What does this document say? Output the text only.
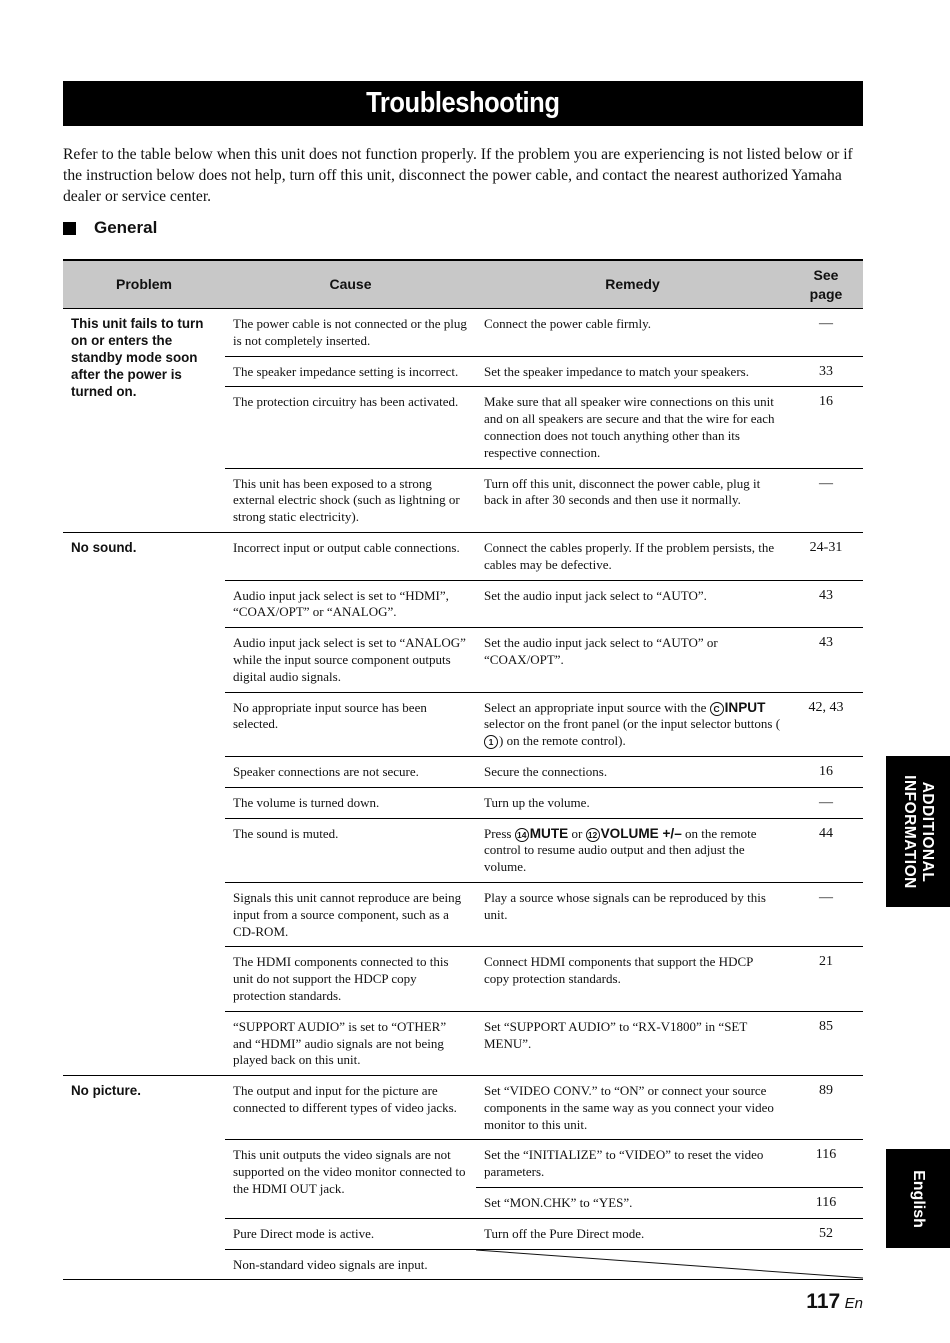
Troubleshooting

Refer to the table below when this unit does not function properly. If the problem you are experiencing is not listed below or if the instruction below does not help, turn off this unit, disconnect the power cable, and contact the nearest authorized Yamaha dealer or service center.

General
Problem	Cause	Remedy	See
page
This unit fails to turn on or enters the standby mode soon after the power is turned on.	The power cable is not connected or the plug is not completely inserted.	Connect the power cable firmly.	—
	The speaker impedance setting is incorrect.	Set the speaker impedance to match your speakers.	33
	The protection circuitry has been activated.	Make sure that all speaker wire connections on this unit and on all speakers are secure and that the wire for each connection does not touch anything other than its respective connection.	16
	This unit has been exposed to a strong external electric shock (such as lightning or strong static electricity).	Turn off this unit, disconnect the power cable, plug it back in after 30 seconds and then use it normally.	—
No sound.	Incorrect input or output cable connections.	Connect the cables properly. If the problem persists, the cables may be defective.	24-31
	Audio input jack select is set to “HDMI”, “COAX/OPT” or “ANALOG”.	Set the audio input jack select to “AUTO”.	43
	Audio input jack select is set to “ANALOG” while the input source component outputs digital audio signals.	Set the audio input jack select to “AUTO” or “COAX/OPT”.	43
	No appropriate input source has been selected.	Select an appropriate input source with the C INPUT selector on the front panel (or the input selector buttons (1 ) on the remote control).	42, 43
	Speaker connections are not secure.	Secure the connections.	16
	The volume is turned down.	Turn up the volume.	—
	The sound is muted.	Press 14 MUTE or 12 VOLUME +/– on the remote control to resume audio output and then adjust the volume.	44
	Signals this unit cannot reproduce are being input from a source component, such as a CD-ROM.	Play a source whose signals can be reproduced by this unit.	—
	The HDMI components connected to this unit do not support the HDCP copy protection standards.	Connect HDMI components that support the HDCP copy protection standards.	21
	“SUPPORT AUDIO” is set to “OTHER” and “HDMI” audio signals are not being played back on this unit.	Set “SUPPORT AUDIO” to “RX-V1800” in “SET MENU”.	85
No picture.	The output and input for the picture are connected to different types of video jacks.	Set “VIDEO CONV.” to “ON” or connect your source components in the same way as you connect your video monitor to this unit.	89
	This unit outputs the video signals are not supported on the video monitor connected to the HDMI OUT jack.	Set the “INITIALIZE” to “VIDEO” to reset the video parameters.	116
		Set “MON.CHK” to “YES”.	116
	Pure Direct mode is active.	Turn off the Pure Direct mode.	52
	Non-standard video signals are input.	
ADDITIONAL
INFORMATION
English
117 En
